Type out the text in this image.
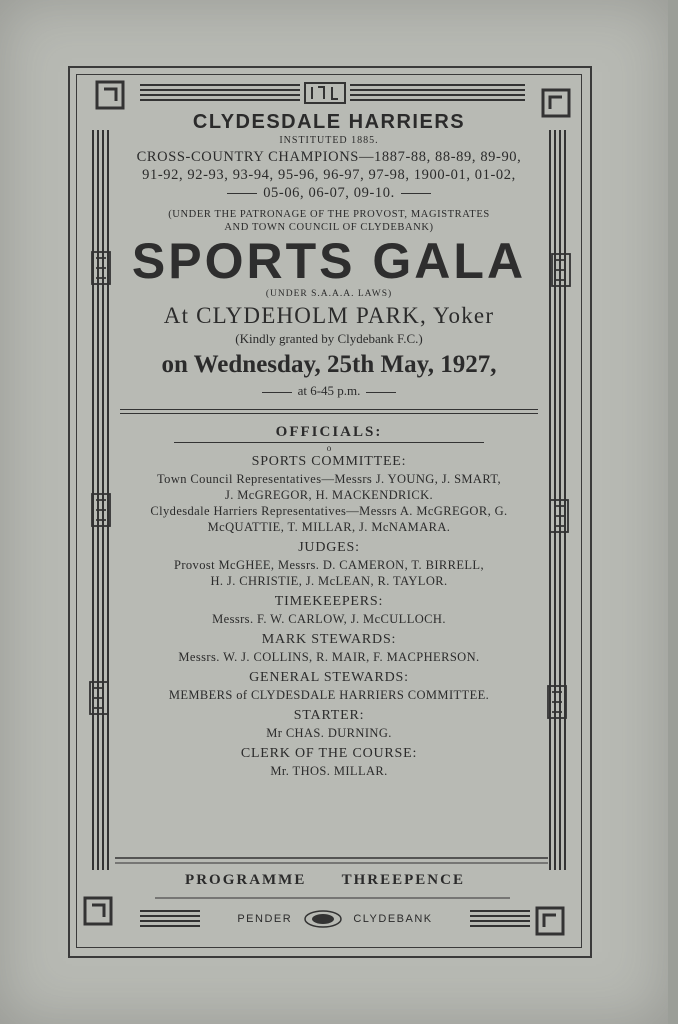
CLYDESDALE HARRIERS

INSTITUTED 1885.

CROSS-COUNTRY CHAMPIONS—1887-88, 88-89, 89-90,

91-92, 92-93, 93-94, 95-96, 96-97, 97-98, 1900-01, 01-02,

05-06, 06-07, 09-10.

(UNDER THE PATRONAGE OF THE PROVOST, MAGISTRATES

AND TOWN COUNCIL OF CLYDEBANK)

SPORTS GALA

(UNDER S.A.A.A. LAWS)

At CLYDEHOLM PARK, Yoker

(Kindly granted by Clydebank F.C.)

on Wednesday, 25th May, 1927,

at 6-45 p.m.

OFFICIALS:

o

SPORTS COMMITTEE:

Town Council Representatives—Messrs J. YOUNG, J. SMART,

J. McGREGOR, H. MACKENDRICK.

Clydesdale Harriers Representatives—Messrs A. McGREGOR, G.

McQUATTIE, T. MILLAR, J. McNAMARA.

JUDGES:

Provost McGHEE, Messrs. D. CAMERON, T. BIRRELL,

H. J. CHRISTIE, J. McLEAN, R. TAYLOR.

TIMEKEEPERS:

Messrs. F. W. CARLOW, J. McCULLOCH.

MARK STEWARDS:

Messrs. W. J. COLLINS, R. MAIR, F. MACPHERSON.

GENERAL STEWARDS:

MEMBERS of CLYDESDALE HARRIERS COMMITTEE.

STARTER:

Mr CHAS. DURNING.

CLERK OF THE COURSE:

Mr. THOS. MILLAR.

PROGRAMME THREEPENCE
PENDER	CLYDEBANK
